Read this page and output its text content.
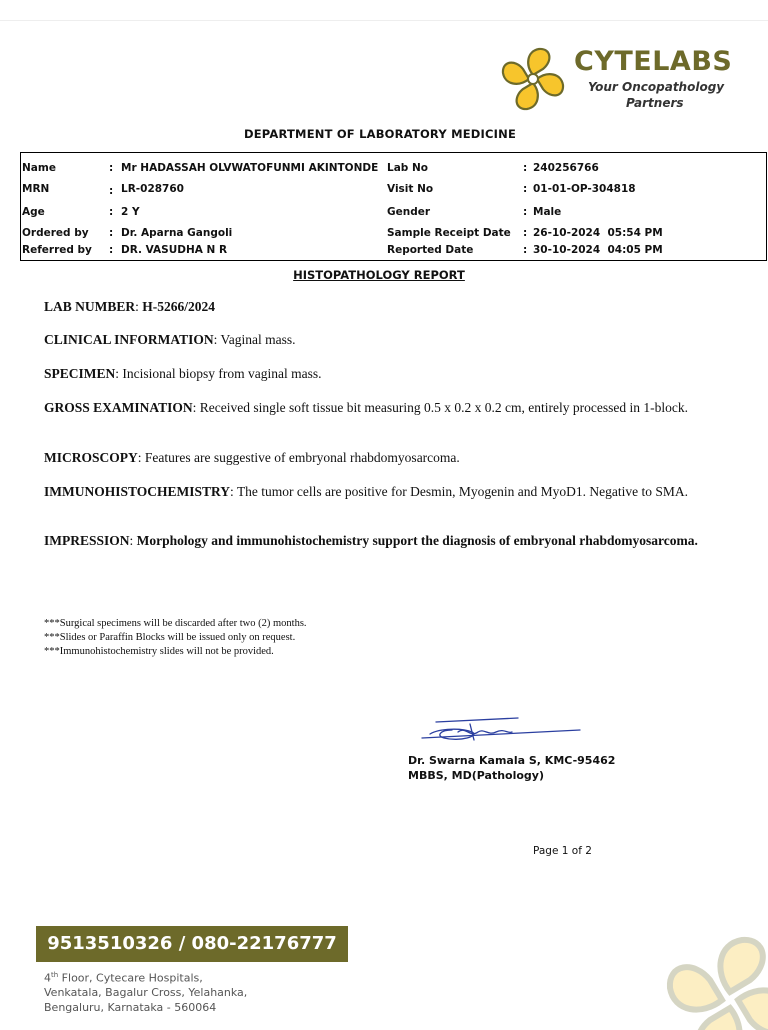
CYTELABS
Your Oncopathology
Partners
DEPARTMENT OF LABORATORY MEDICINE
Name	: Mr HADASSAH OLVWATOFUNMI AKINTONDE Lab No	: 240256766
MRN	: LR-028760	Visit No	: 01-01-OP-304818
Age	: 2 Y	Gender	: Male
Ordered by : Dr. Aparna Gangoli	Sample Receipt Date : 26-10-2024  05:54 PM
Referred by : DR. VASUDHA N R	Reported Date	: 30-10-2024  04:05 PM
HISTOPATHOLOGY REPORT
LAB NUMBER: H-5266/2024
CLINICAL INFORMATION: Vaginal mass.
SPECIMEN: Incisional biopsy from vaginal mass.
GROSS EXAMINATION: Received single soft tissue bit measuring 0.5 x 0.2 x 0.2 cm, entirely processed in 1-block.
MICROSCOPY: Features are suggestive of embryonal rhabdomyosarcoma.
IMMUNOHISTOCHEMISTRY: The tumor cells are positive for Desmin, Myogenin and MyoD1. Negative to SMA.
IMPRESSION: Morphology and immunohistochemistry support the diagnosis of embryonal rhabdomyosarcoma.
***Surgical specimens will be discarded after two (2) months.
***Slides or Paraffin Blocks will be issued only on request.
***Immunohistochemistry slides will not be provided.
Dr. Swarna Kamala S, KMC-95462
MBBS, MD(Pathology)
Page 1 of 2
9513510326 / 080-22176777
4th Floor, Cytecare Hospitals,
Venkatala, Bagalur Cross, Yelahanka,
Bengaluru, Karnataka - 560064
